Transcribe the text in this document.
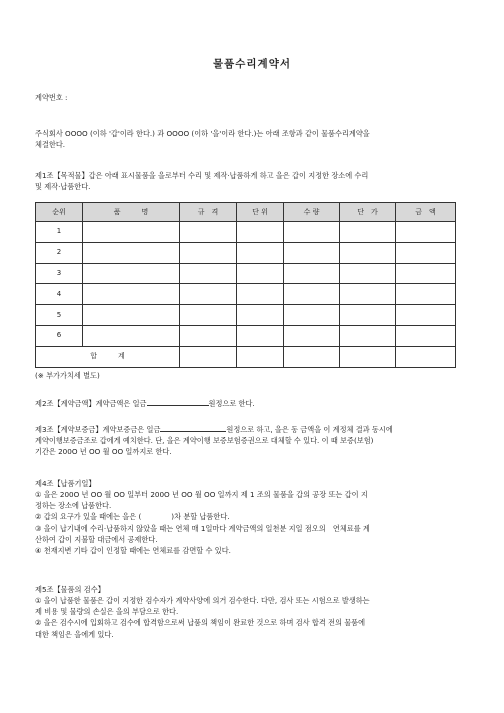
물품수리계약서
계약번호 :
주식회사 OOOO (이하 '갑'이라 한다.) 과 OOOO (이하 '을'이라 한다.)는 아래 조항과 같이 물품수리계약을
체결한다.
제1조【목적물】갑은 아래 표시물품을 을로부터 수리 및 제작·납품하게 하고 을은 갑이 지정한 장소에 수리
및 제작·납품한다.
순위	품　　　명	규　격	단 위	수 량	단　가	금　액
1						
2						
3						
4						
5						
6						
합　　　계						
(※ 부가가치세 별도)
제2조【계약금액】계약금액은 일금	원정으로 한다.
제3조【계약보증금】계약보증금은 일금	원정으로 하고, 을은 동 금액을 이 계정체 결과 동시에
계약이행보증금조로 갑에게 예치한다. 단, 을은 계약이행 보증보험증권으로 대체할 수 있다. 이 때 보증(보험)
기간은 200O 년 OO 월 OO 일까지로 한다.
제4조【납품기일】
① 을은 200O 년 OO 월 OO 일부터 200O 년 OO 월 OO 일까지 제 1 조의 물품을 갑의 공장 또는 갑이 지
정하는 장소에 납품한다.
② 갑의 요구가 있을 때에는 을은 (	)차 분할 납품한다.
③ 을이 납기내에 수리·납품하지 않았을 때는 연체 매 1일마다 계약금액의 일천분 지일 점오의　연체료를 계
산하여 갑이 지불할 대금에서 공제한다.
④ 천재지변 기타 갑이 인정할 때에는 연체료를 감면할 수 있다.
제5조【물품의 검수】
① 을이 납품한 물품은 갑이 지정한 검수자가 계약사양에 의거 검수한다. 다만, 검사 또는 시험으로 발생하는
제 비용 및 물량의 손실은 을의 부담으로 한다.
② 을은 검수시에 입회하고 검수에 합격함으로써 납품의 책임이 완료한 것으로 하며 검사 합격 전의 물품에
대한 책임은 을에게 있다.
